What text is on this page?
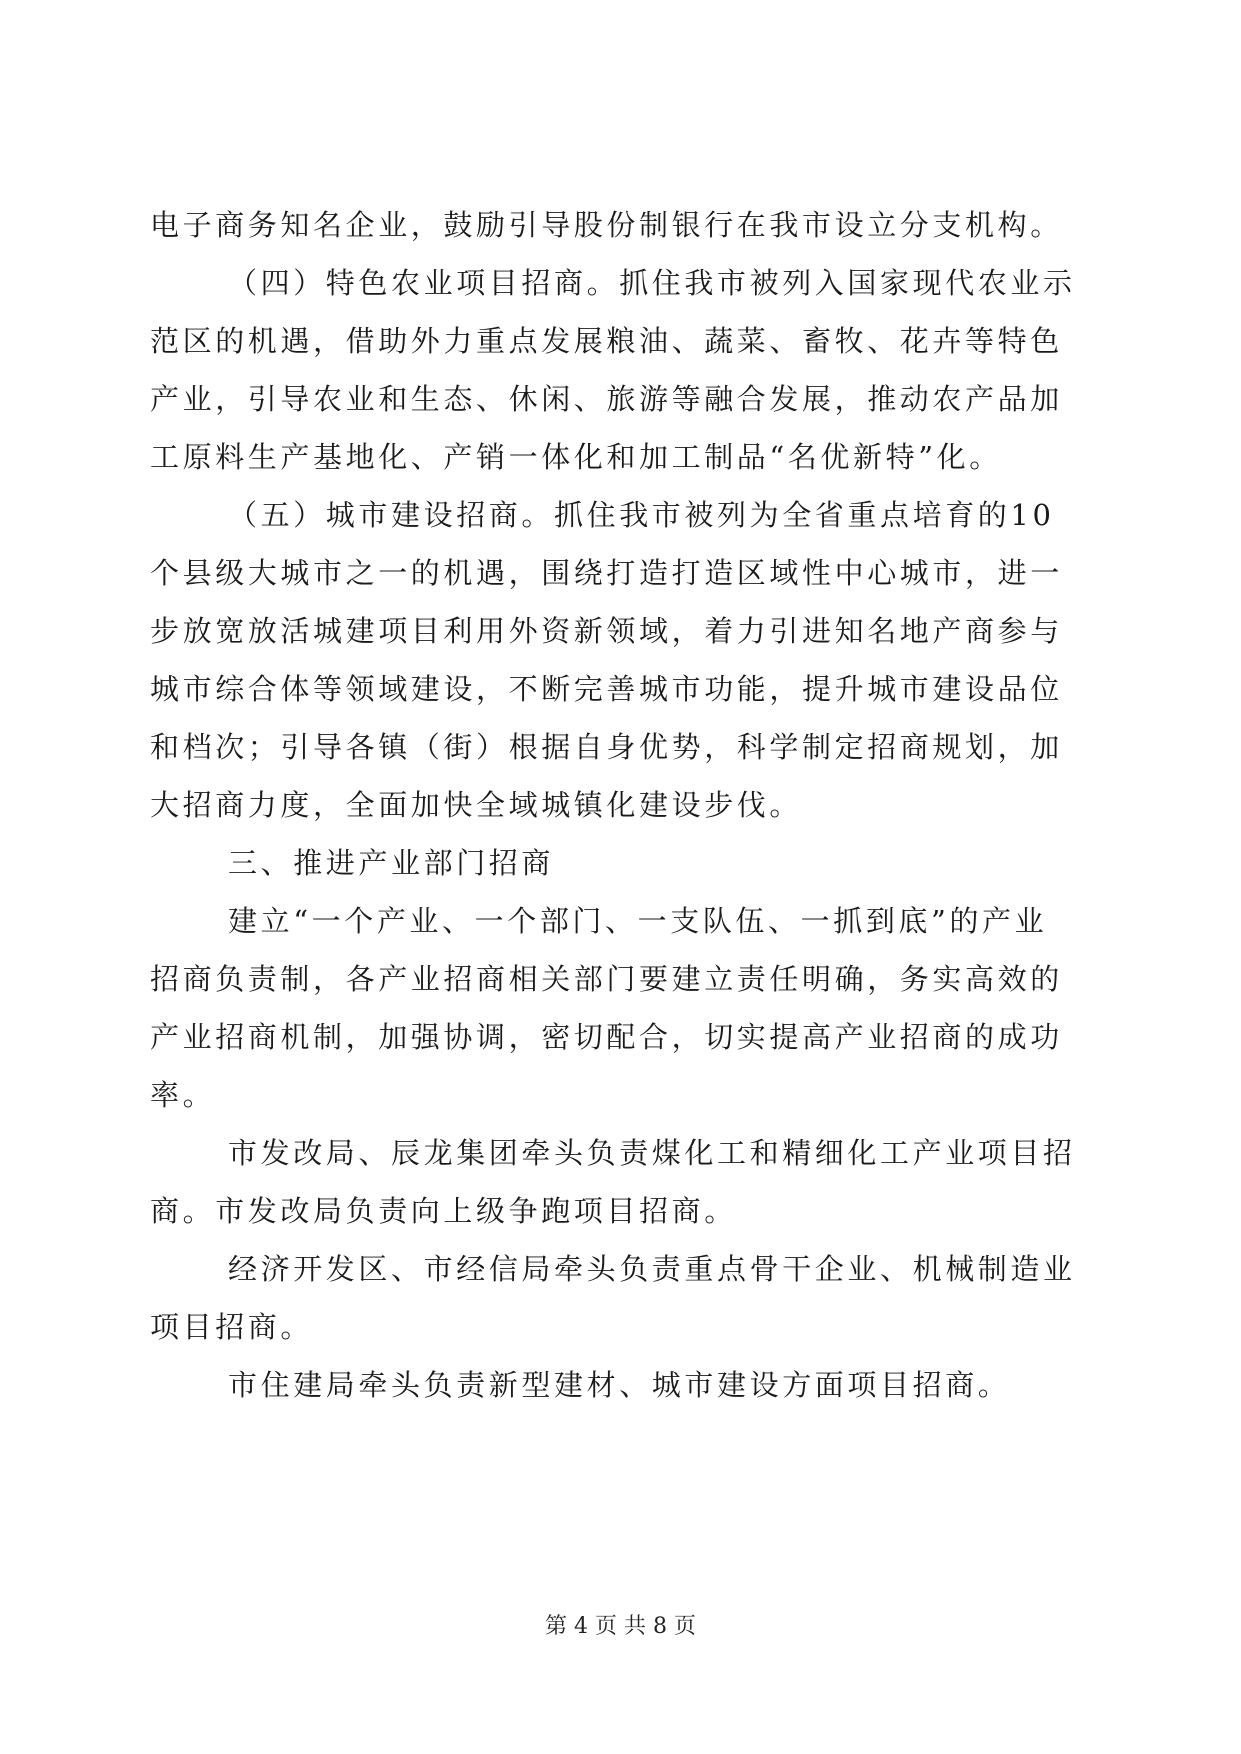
电子商务知名企业，鼓励引导股份制银行在我市设立分支机构。
（四）特色农业项目招商。抓住我市被列入国家现代农业示
范区的机遇，借助外力重点发展粮油、蔬菜、畜牧、花卉等特色
产业，引导农业和生态、休闲、旅游等融合发展，推动农产品加
工原料生产基地化、产销一体化和加工制品“名优新特”化。
（五）城市建设招商。抓住我市被列为全省重点培育的10
个县级大城市之一的机遇，围绕打造打造区域性中心城市，进一
步放宽放活城建项目利用外资新领域，着力引进知名地产商参与
城市综合体等领域建设，不断完善城市功能，提升城市建设品位
和档次；引导各镇（街）根据自身优势，科学制定招商规划，加
大招商力度，全面加快全域城镇化建设步伐。
三、推进产业部门招商
建立“一个产业、一个部门、一支队伍、一抓到底”的产业
招商负责制，各产业招商相关部门要建立责任明确，务实高效的
产业招商机制，加强协调，密切配合，切实提高产业招商的成功
率。
市发改局、辰龙集团牵头负责煤化工和精细化工产业项目招
商。市发改局负责向上级争跑项目招商。
经济开发区、市经信局牵头负责重点骨干企业、机械制造业
项目招商。
市住建局牵头负责新型建材、城市建设方面项目招商。
第 4 页 共 8 页
